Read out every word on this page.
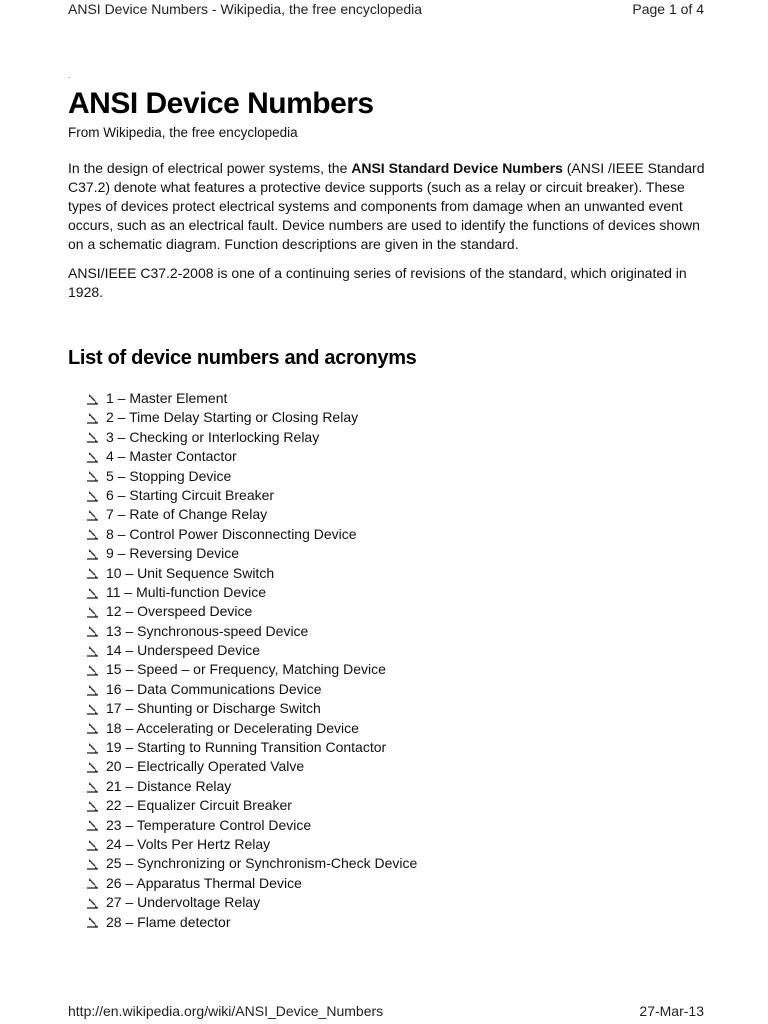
ANSI Device Numbers - Wikipedia, the free encyclopedia	Page 1 of 4
.
ANSI Device Numbers
From Wikipedia, the free encyclopedia

In the design of electrical power systems, the ANSI Standard Device Numbers (ANSI /IEEE Standard C37.2) denote what features a protective device supports (such as a relay or circuit breaker). These types of devices protect electrical systems and components from damage when an unwanted event occurs, such as an electrical fault. Device numbers are used to identify the functions of devices shown on a schematic diagram. Function descriptions are given in the standard.

ANSI/IEEE C37.2-2008 is one of a continuing series of revisions of the standard, which originated in 1928.

List of device numbers and acronyms
1 – Master Element
2 – Time Delay Starting or Closing Relay
3 – Checking or Interlocking Relay
4 – Master Contactor
5 – Stopping Device
6 – Starting Circuit Breaker
7 – Rate of Change Relay
8 – Control Power Disconnecting Device
9 – Reversing Device
10 – Unit Sequence Switch
11 – Multi-function Device
12 – Overspeed Device
13 – Synchronous-speed Device
14 – Underspeed Device
15 – Speed – or Frequency, Matching Device
16 – Data Communications Device
17 – Shunting or Discharge Switch
18 – Accelerating or Decelerating Device
19 – Starting to Running Transition Contactor
20 – Electrically Operated Valve
21 – Distance Relay
22 – Equalizer Circuit Breaker
23 – Temperature Control Device
24 – Volts Per Hertz Relay
25 – Synchronizing or Synchronism-Check Device
26 – Apparatus Thermal Device
27 – Undervoltage Relay
28 – Flame detector
http://en.wikipedia.org/wiki/ANSI_Device_Numbers	27-Mar-13
